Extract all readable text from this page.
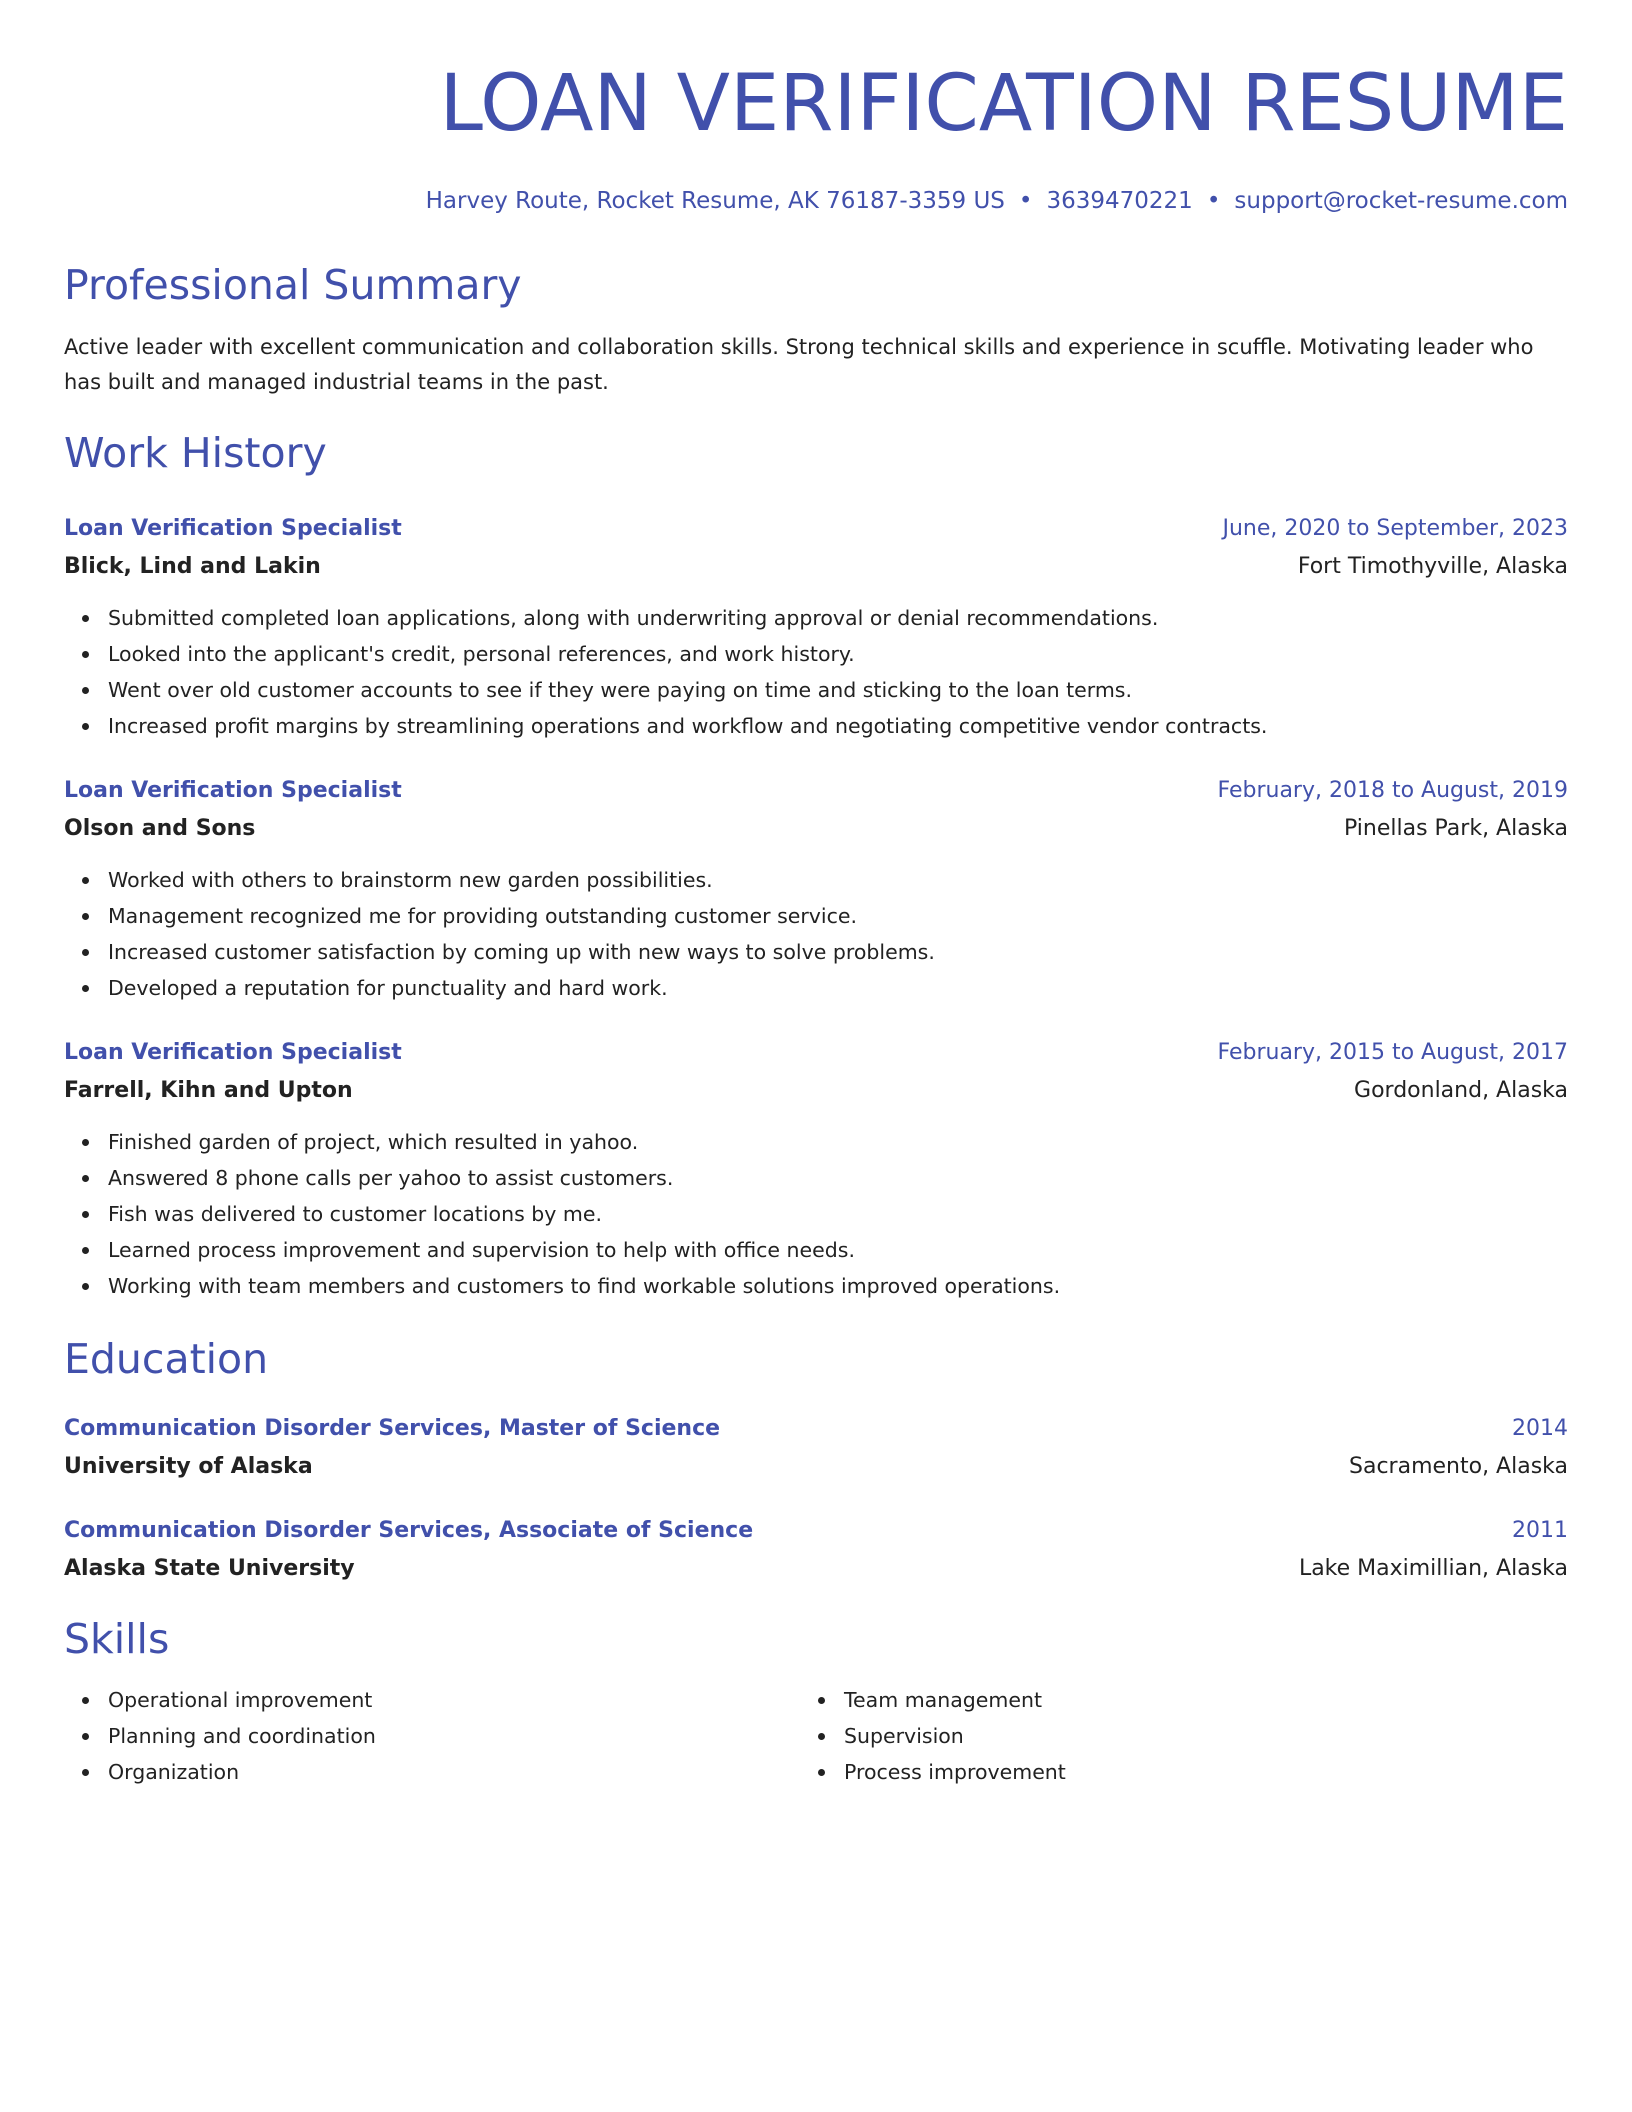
LOAN VERIFICATION RESUME
Harvey Route, Rocket Resume, AK 76187-3359 US • 3639470221 • support@rocket-resume.com
Professional Summary
Active leader with excellent communication and collaboration skills. Strong technical skills and experience in scuffle. Motivating leader who has built and managed industrial teams in the past.
Work History
Loan Verification Specialist	June, 2020 to September, 2023
Blick, Lind and Lakin	Fort Timothyville, Alaska
Submitted completed loan applications, along with underwriting approval or denial recommendations.
Looked into the applicant's credit, personal references, and work history.
Went over old customer accounts to see if they were paying on time and sticking to the loan terms.
Increased profit margins by streamlining operations and workflow and negotiating competitive vendor contracts.
Loan Verification Specialist	February, 2018 to August, 2019
Olson and Sons	Pinellas Park, Alaska
Worked with others to brainstorm new garden possibilities.
Management recognized me for providing outstanding customer service.
Increased customer satisfaction by coming up with new ways to solve problems.
Developed a reputation for punctuality and hard work.
Loan Verification Specialist	February, 2015 to August, 2017
Farrell, Kihn and Upton	Gordonland, Alaska
Finished garden of project, which resulted in yahoo.
Answered 8 phone calls per yahoo to assist customers.
Fish was delivered to customer locations by me.
Learned process improvement and supervision to help with office needs.
Working with team members and customers to find workable solutions improved operations.
Education
Communication Disorder Services, Master of Science	2014
University of Alaska	Sacramento, Alaska
Communication Disorder Services, Associate of Science	2011
Alaska State University	Lake Maximillian, Alaska
Skills
Operational improvement
Planning and coordination
Organization
Team management
Supervision
Process improvement
